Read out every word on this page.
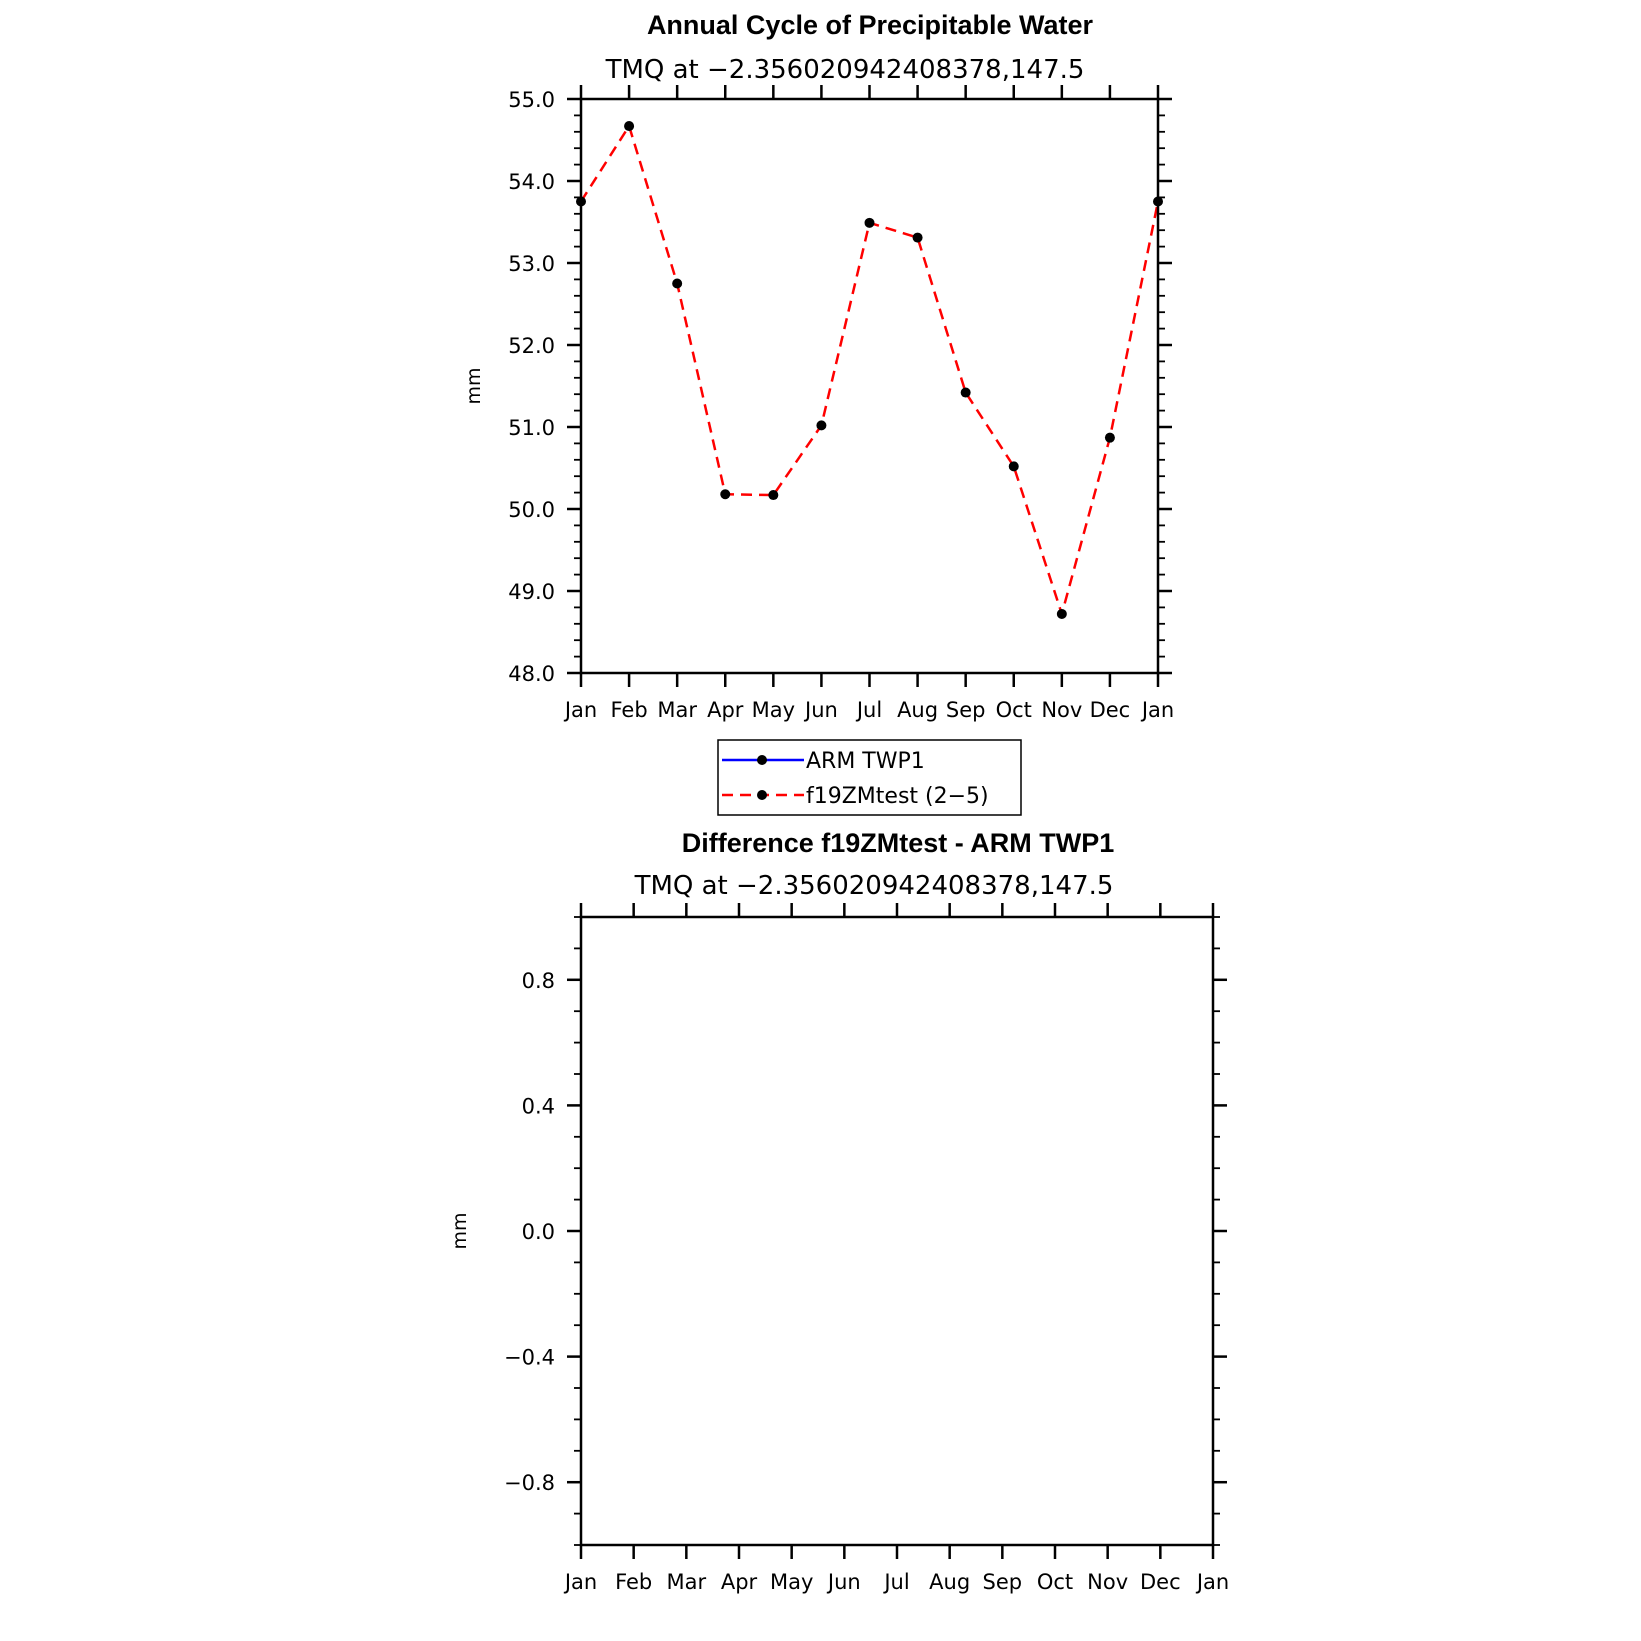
Annual Cycle of Precipitable Water
TMQ at −2.356020942408378,147.5
mm
48.0
49.0
50.0
51.0
52.0
53.0
54.0
55.0
Jan Feb Mar Apr May Jun Jul Aug Sep Oct Nov Dec Jan
ARM TWP1
f19ZMtest (2−5)
Difference f19ZMtest - ARM TWP1
TMQ at −2.356020942408378,147.5
mm
−0.8
−0.4
0.0
0.4
0.8
Jan Feb Mar Apr May Jun Jul Aug Sep Oct Nov Dec Jan
